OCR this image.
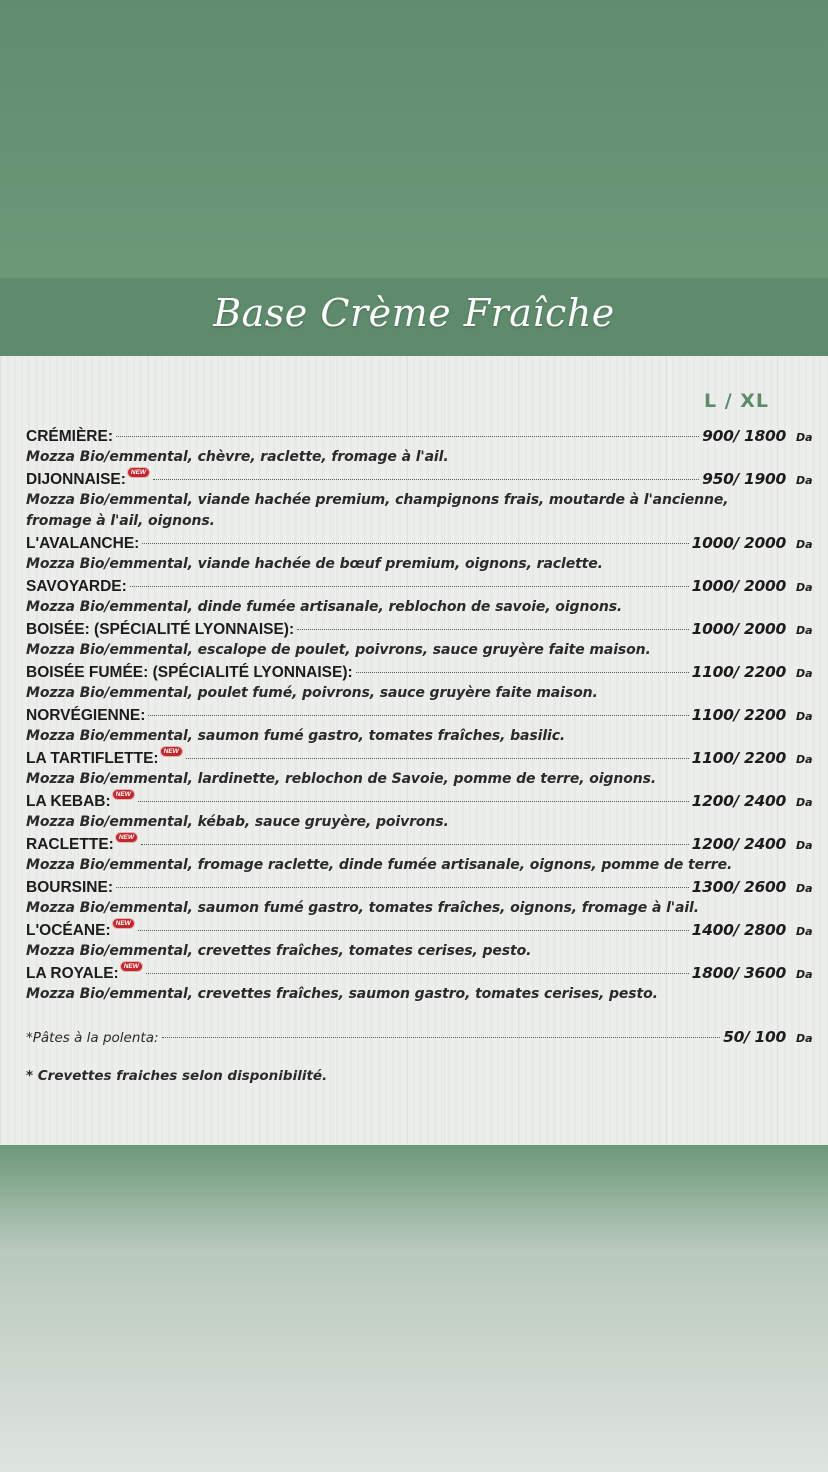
Base Crème Fraîche
L / XL
CRÉMIÈRE:	900/ 1800 Da
Mozza Bio/emmental, chèvre, raclette, fromage à l'ail.
DIJONNAISE: NEW	950/ 1900 Da
Mozza Bio/emmental, viande hachée premium, champignons frais, moutarde à l'ancienne, fromage à l'ail, oignons.
L'AVALANCHE:	1000/ 2000 Da
Mozza Bio/emmental, viande hachée de bœuf premium, oignons, raclette.
SAVOYARDE:	1000/ 2000 Da
Mozza Bio/emmental, dinde fumée artisanale, reblochon de savoie, oignons.
BOISÉE: (SPÉCIALITÉ LYONNAISE):	1000/ 2000 Da
Mozza Bio/emmental, escalope de poulet, poivrons, sauce gruyère faite maison.
BOISÉE FUMÉE: (SPÉCIALITÉ LYONNAISE):	1100/ 2200 Da
Mozza Bio/emmental, poulet fumé, poivrons, sauce gruyère faite maison.
NORVÉGIENNE:	1100/ 2200 Da
Mozza Bio/emmental, saumon fumé gastro, tomates fraîches, basilic.
LA TARTIFLETTE: NEW	1100/ 2200 Da
Mozza Bio/emmental, lardinette, reblochon de Savoie, pomme de terre, oignons.
LA KEBAB: NEW	1200/ 2400 Da
Mozza Bio/emmental, kébab, sauce gruyère, poivrons.
RACLETTE: NEW	1200/ 2400 Da
Mozza Bio/emmental, fromage raclette, dinde fumée artisanale, oignons, pomme de terre.
BOURSINE:	1300/ 2600 Da
Mozza Bio/emmental, saumon fumé gastro, tomates fraîches, oignons, fromage à l'ail.
L'OCÉANE: NEW	1400/ 2800 Da
Mozza Bio/emmental, crevettes fraîches, tomates cerises, pesto.
LA ROYALE: NEW	1800/ 3600 Da
Mozza Bio/emmental, crevettes fraîches, saumon gastro, tomates cerises, pesto.
*Pâtes à la polenta:	50/ 100 Da
* Crevettes fraiches selon disponibilité.
